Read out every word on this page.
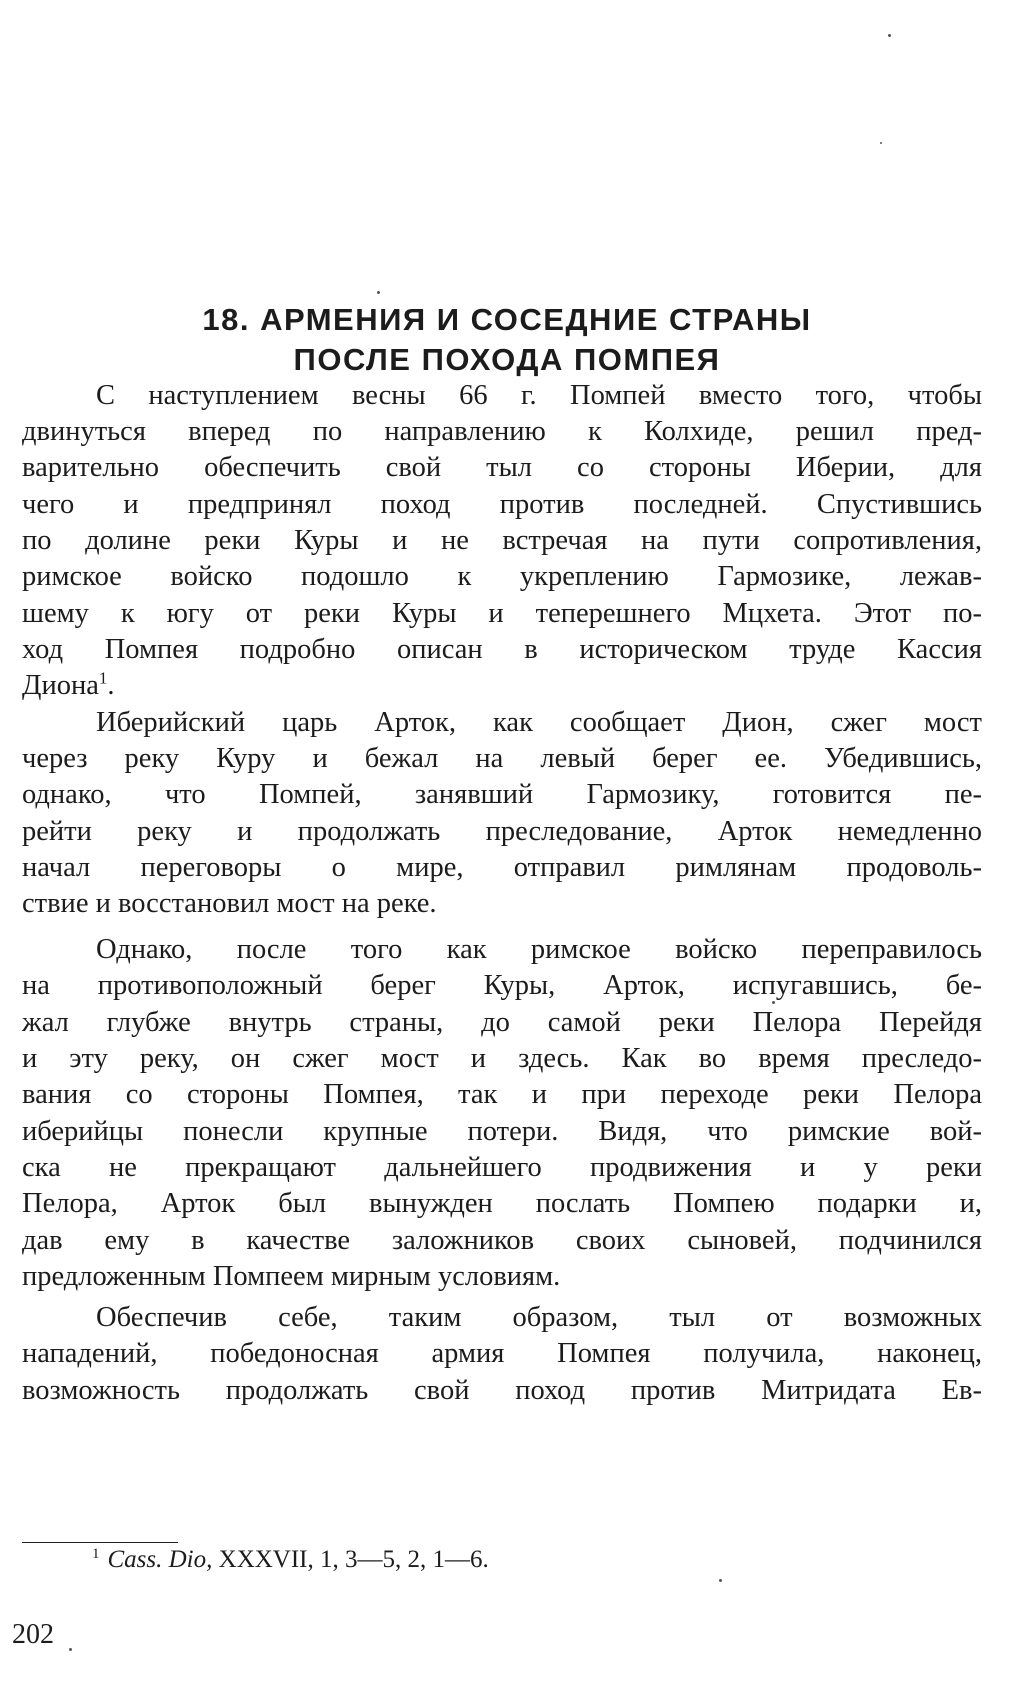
18. АРМЕНИЯ И СОСЕДНИЕ СТРАНЫ
ПОСЛЕ ПОХОДА ПОМПЕЯ
С наступлением весны 66 г. Помпей вместо того, чтобы
двинуться вперед по направлению к Колхиде, решил пред-
варительно обеспечить свой тыл со стороны Иберии, для
чего и предпринял поход против последней. Спустившись
по долине реки Куры и не встречая на пути сопротивления,
римское войско подошло к укреплению Гармозике, лежав-
шему к югу от реки Куры и теперешнего Мцхета. Этот по-
ход Помпея подробно описан в историческом труде Кассия
Диона$^1$.
Иберийский царь Арток, как сообщает Дион, сжег мост
через реку Куру и бежал на левый берег ее. Убедившись,
однако, что Помпей, занявший Гармозику, готовится пе-
рейти реку и продолжать преследование, Арток немедленно
начал переговоры о мире, отправил римлянам продоволь-
ствие и восстановил мост на реке.
Однако, после того как римское войско переправилось
на противоположный берег Куры, Арток, испугавшись, бе-
жал глубже внутрь страны, до самой реки Пелора Перейдя
и эту реку, он сжег мост и здесь. Как во время преследо-
вания со стороны Помпея, так и при переходе реки Пелора
иберийцы понесли крупные потери. Видя, что римские вой-
ска не прекращают дальнейшего продвижения и у реки
Пелора, Арток был вынужден послать Помпею подарки и,
дав ему в качестве заложников своих сыновей, подчинился
предложенным Помпеем мирным условиям.
Обеспечив себе, таким образом, тыл от возможных
нападений, победоносная армия Помпея получила, наконец,
возможность продолжать свой поход против Митридата Ев-
$^1$ Cass. Dio, XXXVII, 1, 3—5, 2, 1—6.
202
